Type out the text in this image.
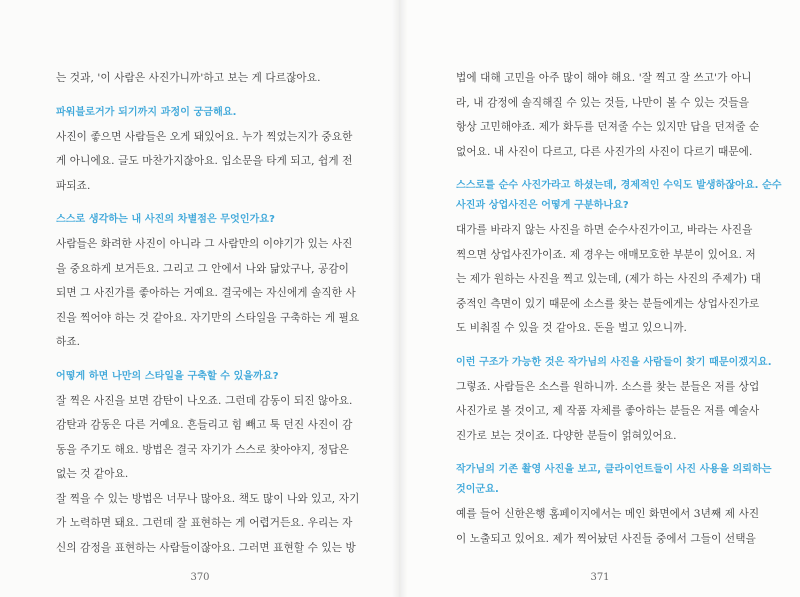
는 것과, '이 사람은 사진가니까'하고 보는 게 다르잖아요.
파워블로거가 되기까지 과정이 궁금해요.
사진이 좋으면 사람들은 오게 돼있어요. 누가 찍었는지가 중요한
게 아니에요. 글도 마찬가지잖아요. 입소문을 타게 되고, 쉽게 전
파되죠.
스스로 생각하는 내 사진의 차별점은 무엇인가요?
사람들은 화려한 사진이 아니라 그 사람만의 이야기가 있는 사진
을 중요하게 보거든요. 그리고 그 안에서 나와 닮았구나, 공감이
되면 그 사진가를 좋아하는 거예요. 결국에는 자신에게 솔직한 사
진을 찍어야 하는 것 같아요. 자기만의 스타일을 구축하는 게 필요
하죠.
어떻게 하면 나만의 스타일을 구축할 수 있을까요?
잘 찍은 사진을 보면 감탄이 나오죠. 그런데 감동이 되진 않아요.
감탄과 감동은 다른 거예요. 흔들리고 힘 빼고 툭 던진 사진이 감
동을 주기도 해요. 방법은 결국 자기가 스스로 찾아야지, 정답은
없는 것 같아요.
잘 찍을 수 있는 방법은 너무나 많아요. 책도 많이 나와 있고, 자기
가 노력하면 돼요. 그런데 잘 표현하는 게 어렵거든요. 우리는 자
신의 감정을 표현하는 사람들이잖아요. 그러면 표현할 수 있는 방
370
법에 대해 고민을 아주 많이 해야 해요. '잘 찍고 잘 쓰고'가 아니
라, 내 감정에 솔직해질 수 있는 것들, 나만이 볼 수 있는 것들을
항상 고민해야죠. 제가 화두를 던져줄 수는 있지만 답을 던져줄 순
없어요. 내 사진이 다르고, 다른 사진가의 사진이 다르기 때문에.
스스로를 순수 사진가라고 하셨는데, 경제적인 수익도 발생하잖아요. 순수
사진과 상업사진은 어떻게 구분하나요?
대가를 바라지 않는 사진을 하면 순수사진가이고, 바라는 사진을
찍으면 상업사진가이죠. 제 경우는 애매모호한 부분이 있어요. 저
는 제가 원하는 사진을 찍고 있는데, (제가 하는 사진의 주제가) 대
중적인 측면이 있기 때문에 소스를 찾는 분들에게는 상업사진가로
도 비춰질 수 있을 것 같아요. 돈을 벌고 있으니까.
이런 구조가 가능한 것은 작가님의 사진을 사람들이 찾기 때문이겠지요.
그렇죠. 사람들은 소스를 원하니까. 소스를 찾는 분들은 저를 상업
사진가로 볼 것이고, 제 작품 자체를 좋아하는 분들은 저를 예술사
진가로 보는 것이죠. 다양한 분들이 얽혀있어요.
작가님의 기존 촬영 사진을 보고, 클라이언트들이 사진 사용을 의뢰하는
것이군요.
예를 들어 신한은행 홈페이지에서는 메인 화면에서 3년째 제 사진
이 노출되고 있어요. 제가 찍어놨던 사진들 중에서 그들이 선택을
371
